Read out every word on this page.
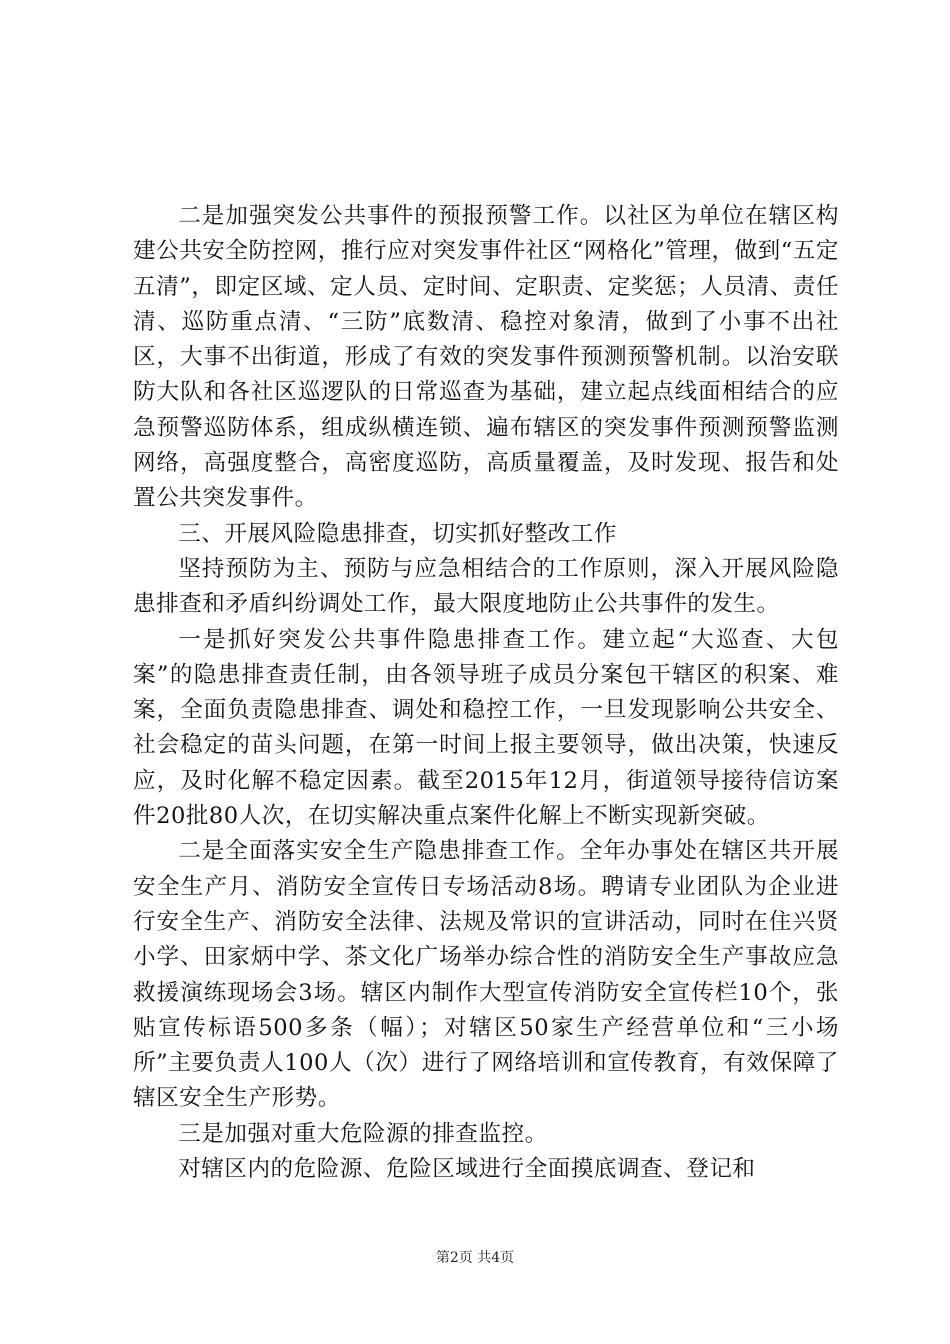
二是加强突发公共事件的预报预警工作。以社区为单位在辖区构建公共安全防控网，推行应对突发事件社区“网格化”管理，做到“五定五清”，即定区域、定人员、定时间、定职责、定奖惩；人员清、责任清、巡防重点清、“三防”底数清、稳控对象清，做到了小事不出社区，大事不出街道，形成了有效的突发事件预测预警机制。以治安联防大队和各社区巡逻队的日常巡查为基础，建立起点线面相结合的应急预警巡防体系，组成纵横连锁、遍布辖区的突发事件预测预警监测网络，高强度整合，高密度巡防，高质量覆盖，及时发现、报告和处置公共突发事件。

三、开展风险隐患排查，切实抓好整改工作

坚持预防为主、预防与应急相结合的工作原则，深入开展风险隐患排查和矛盾纠纷调处工作，最大限度地防止公共事件的发生。

一是抓好突发公共事件隐患排查工作。建立起“大巡查、大包案”的隐患排查责任制，由各领导班子成员分案包干辖区的积案、难案，全面负责隐患排查、调处和稳控工作，一旦发现影响公共安全、社会稳定的苗头问题，在第一时间上报主要领导，做出决策，快速反应，及时化解不稳定因素。截至2015年12月，街道领导接待信访案件20批80人次，在切实解决重点案件化解上不断实现新突破。

二是全面落实安全生产隐患排查工作。全年办事处在辖区共开展安全生产月、消防安全宣传日专场活动8场。聘请专业团队为企业进行安全生产、消防安全法律、法规及常识的宣讲活动，同时在住兴贤小学、田家炳中学、茶文化广场举办综合性的消防安全生产事故应急救援演练现场会3场。辖区内制作大型宣传消防安全宣传栏10个，张贴宣传标语500多条（幅）；对辖区50家生产经营单位和“三小场所”主要负责人100人（次）进行了网络培训和宣传教育，有效保障了辖区安全生产形势。

三是加强对重大危险源的排查监控。

对辖区内的危险源、危险区域进行全面摸底调查、登记和

第2页 共4页
